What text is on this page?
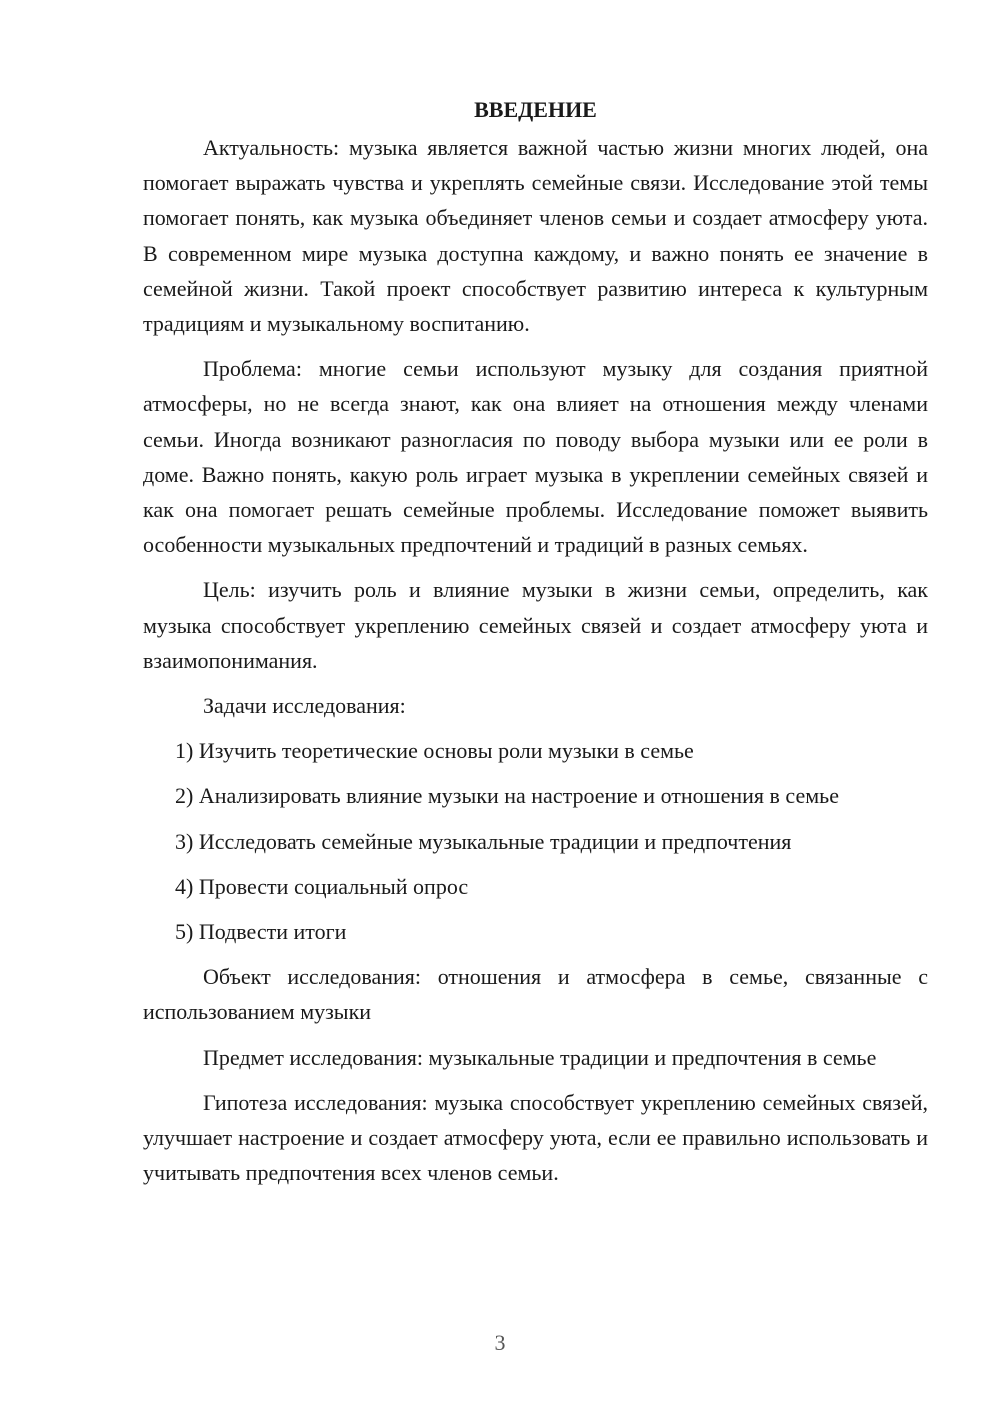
ВВЕДЕНИЕ

Актуальность: музыка является важной частью жизни многих людей, она помогает выражать чувства и укреплять семейные связи. Исследование этой темы помогает понять, как музыка объединяет членов семьи и создает атмосферу уюта. В современном мире музыка доступна каждому, и важно понять ее значение в семейной жизни. Такой проект способствует развитию интереса к культурным традициям и музыкальному воспитанию.

Проблема: многие семьи используют музыку для создания приятной атмосферы, но не всегда знают, как она влияет на отношения между членами семьи. Иногда возникают разногласия по поводу выбора музыки или ее роли в доме. Важно понять, какую роль играет музыка в укреплении семейных связей и как она помогает решать семейные проблемы. Исследование поможет выявить особенности музыкальных предпочтений и традиций в разных семьях.

Цель: изучить роль и влияние музыки в жизни семьи, определить, как музыка способствует укреплению семейных связей и создает атмосферу уюта и взаимопонимания.

Задачи исследования:

1) Изучить теоретические основы роли музыки в семье
2) Анализировать влияние музыки на настроение и отношения в семье
3) Исследовать семейные музыкальные традиции и предпочтения
4) Провести социальный опрос
5) Подвести итоги

Объект исследования: отношения и атмосфера в семье, связанные с использованием музыки

Предмет исследования: музыкальные традиции и предпочтения в семье

Гипотеза исследования: музыка способствует укреплению семейных связей, улучшает настроение и создает атмосферу уюта, если ее правильно использовать и учитывать предпочтения всех членов семьи.

3
